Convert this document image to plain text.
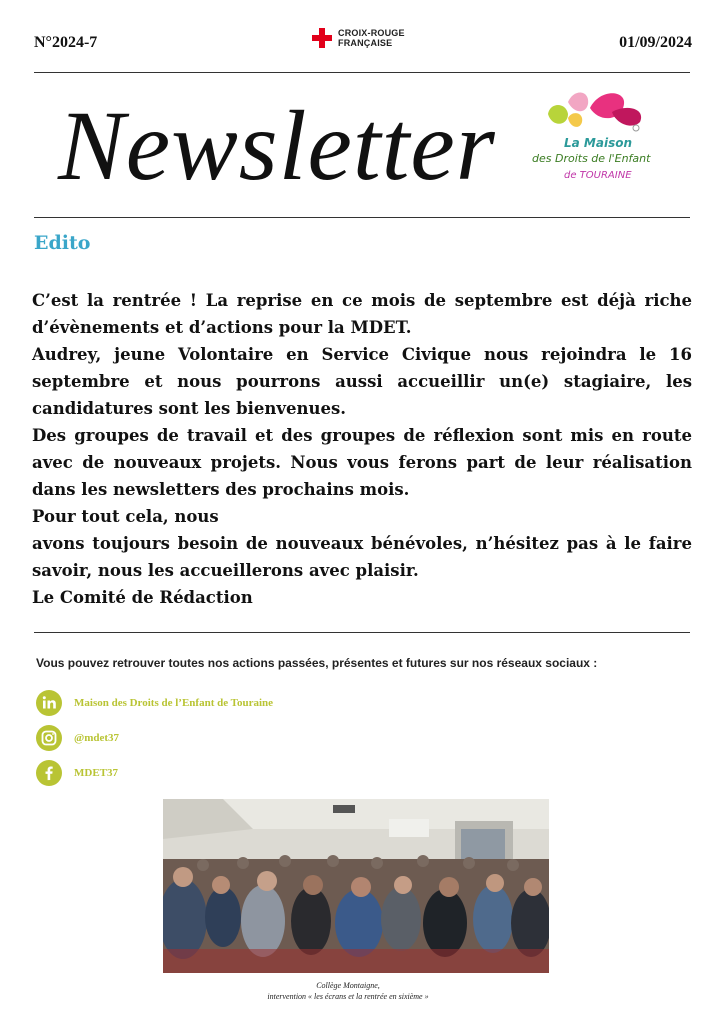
N°2024-7
CROIX-ROUGE
FRANÇAISE	01/09/2024
Newsletter	La Maison
des Droits de l'Enfant
de TOURAINE
Edito

C’est la rentrée ! La reprise en ce mois de septembre est déjà riche d’évènements et d’actions pour la MDET.

Audrey, jeune Volontaire en Service Civique nous rejoindra le 16 septembre et nous pourrons aussi accueillir un(e) stagiaire, les candidatures sont les bienvenues.

Des groupes de travail et des groupes de réflexion sont mis en route avec de nouveaux projets. Nous vous ferons part de leur réalisation dans les newsletters des prochains mois.

Pour tout cela, nous

avons toujours besoin de nouveaux bénévoles, n’hésitez pas à le faire savoir, nous les accueillerons avec plaisir.

Le Comité de Rédaction

Vous pouvez retrouver toutes nos actions passées, présentes et futures sur nos réseaux sociaux :
Maison des Droits de l’Enfant de Touraine
@mdet37
MDET37
Collège Montaigne,
intervention « les écrans et la rentrée en sixième »
